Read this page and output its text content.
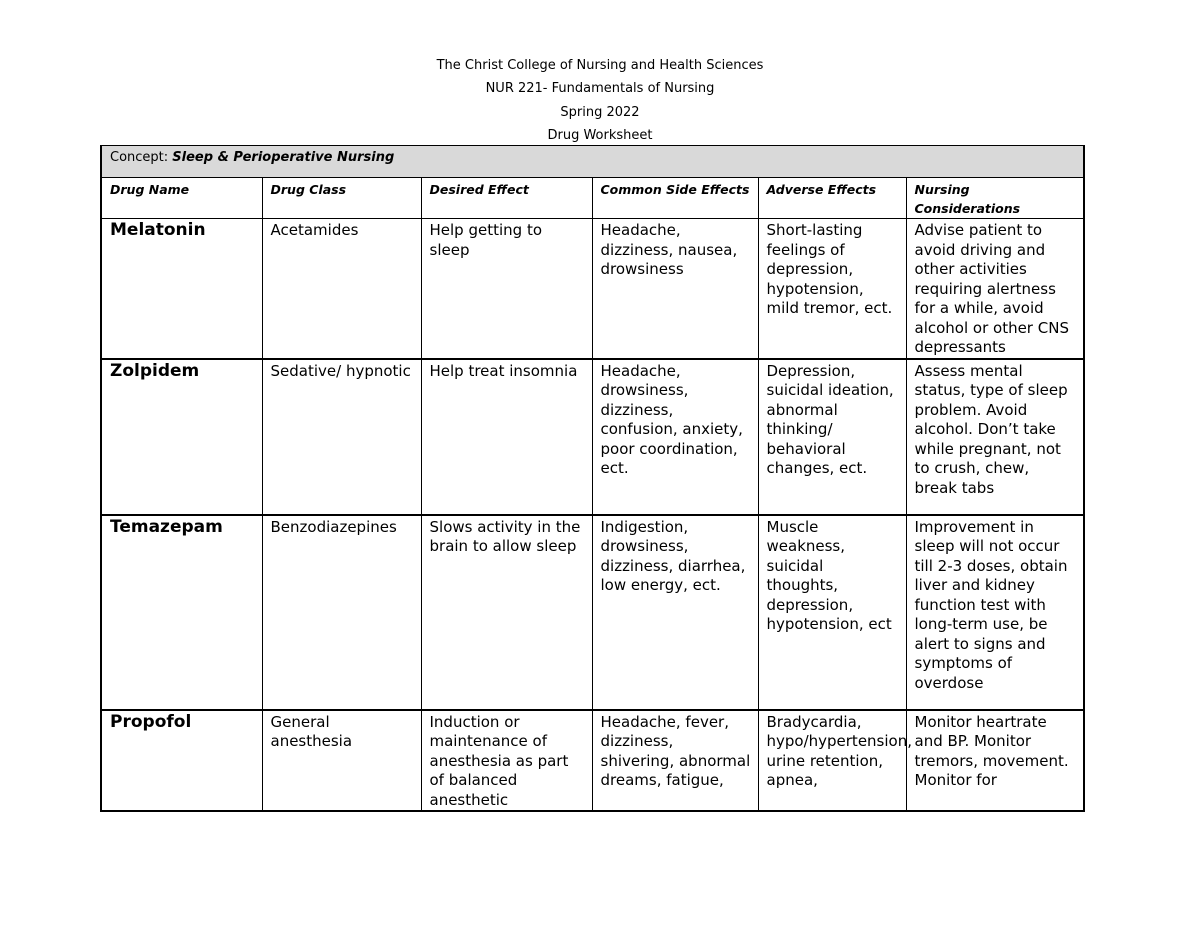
The Christ College of Nursing and Health Sciences
NUR 221- Fundamentals of Nursing
Spring 2022
Drug Worksheet
Concept: Sleep & Perioperative Nursing					
Drug Name	Drug Class	Desired Effect	Common Side Effects	Adverse Effects	Nursing Considerations
Melatonin	Acetamides	Help getting to sleep	Headache, dizziness, nausea, drowsiness	Short-lasting feelings of depression, hypotension, mild tremor, ect.	Advise patient to avoid driving and other activities requiring alertness for a while, avoid alcohol or other CNS depressants
Zolpidem	Sedative/ hypnotic	Help treat insomnia	Headache, drowsiness, dizziness, confusion, anxiety, poor coordination, ect.	Depression, suicidal ideation, abnormal thinking/ behavioral changes, ect.	Assess mental status, type of sleep problem. Avoid alcohol. Don’t take while pregnant, not to crush, chew, break tabs
Temazepam	Benzodiazepines	Slows activity in the brain to allow sleep	Indigestion, drowsiness, dizziness, diarrhea, low energy, ect.	Muscle weakness, suicidal thoughts, depression, hypotension, ect	Improvement in sleep will not occur till 2-3 doses, obtain liver and kidney function test with long-term use, be alert to signs and symptoms of overdose
Propofol	General anesthesia	Induction or maintenance of anesthesia as part of balanced anesthetic	Headache, fever, dizziness, shivering, abnormal dreams, fatigue,	Bradycardia, hypo/hypertension, urine retention, apnea,	Monitor heartrate and BP. Monitor tremors, movement. Monitor for
